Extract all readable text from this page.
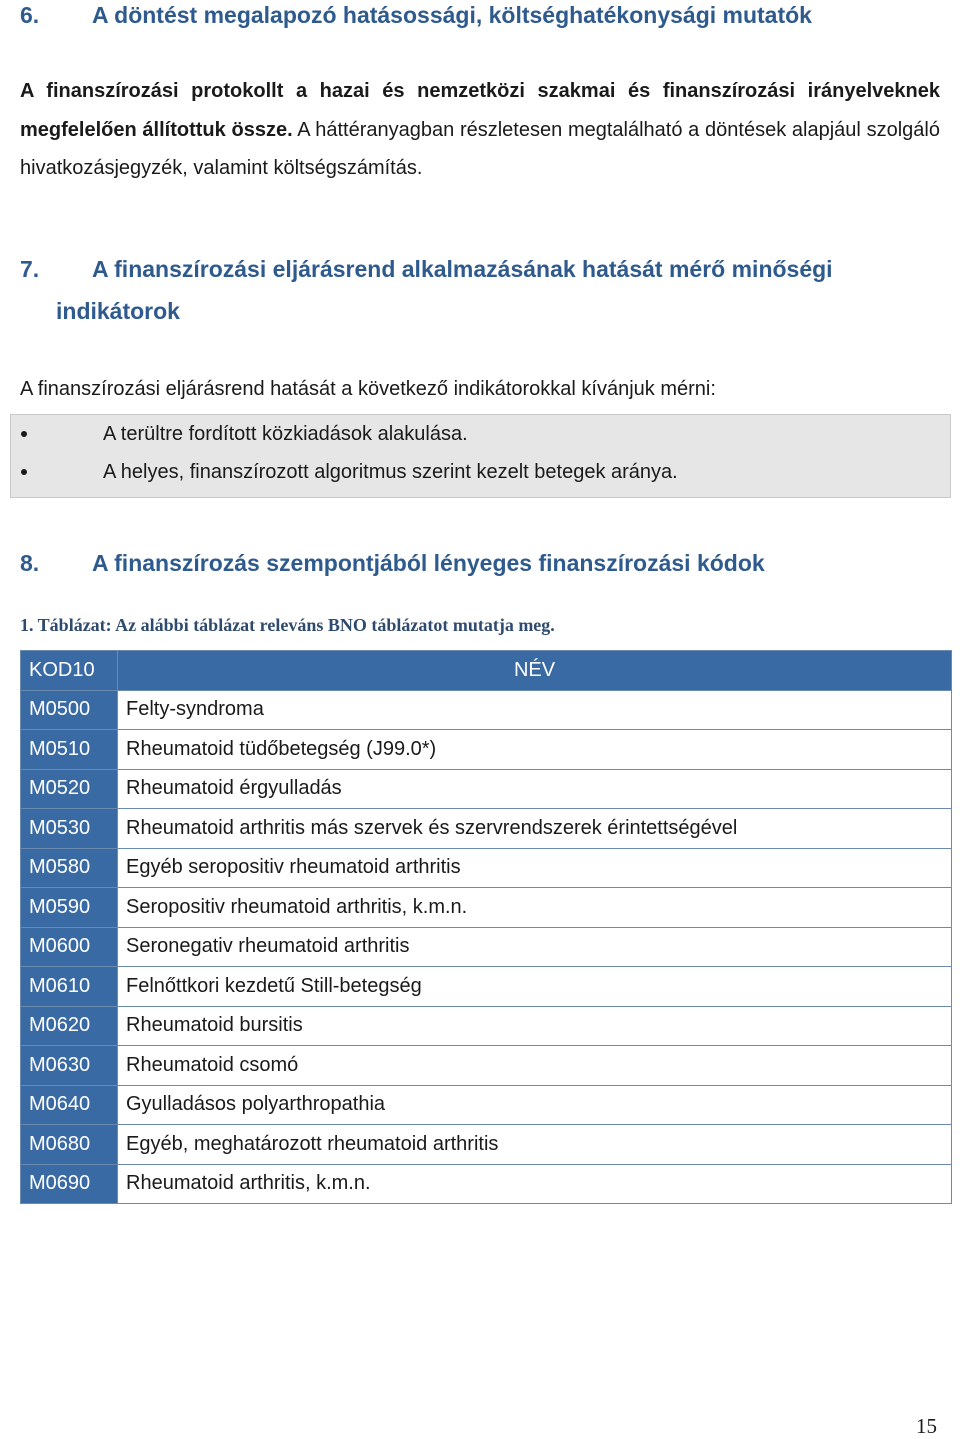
6. A döntést megalapozó hatásossági, költséghatékonysági mutatók
A finanszírozási protokollt a hazai és nemzetközi szakmai és finanszírozási irányelveknek megfelelően állítottuk össze. A háttéranyagban részletesen megtalálható a döntések alapjául szolgáló hivatkozásjegyzék, valamint költségszámítás.
7. A finanszírozási eljárásrend alkalmazásának hatását mérő minőségi
indikátorok
A finanszírozási eljárásrend hatását a következő indikátorokkal kívánjuk mérni:
A terültre fordított közkiadások alakulása.
A helyes, finanszírozott algoritmus szerint kezelt betegek aránya.
8. A finanszírozás szempontjából lényeges finanszírozási kódok
1. Táblázat: Az alábbi táblázat releváns BNO táblázatot mutatja meg.
KOD10	NÉV
M0500	Felty-syndroma
M0510	Rheumatoid tüdőbetegség (J99.0*)
M0520	Rheumatoid érgyulladás
M0530	Rheumatoid arthritis más szervek és szervrendszerek érintettségével
M0580	Egyéb seropositiv rheumatoid arthritis
M0590	Seropositiv rheumatoid arthritis, k.m.n.
M0600	Seronegativ rheumatoid arthritis
M0610	Felnőttkori kezdetű Still-betegség
M0620	Rheumatoid bursitis
M0630	Rheumatoid csomó
M0640	Gyulladásos polyarthropathia
M0680	Egyéb, meghatározott rheumatoid arthritis
M0690	Rheumatoid arthritis, k.m.n.
15
